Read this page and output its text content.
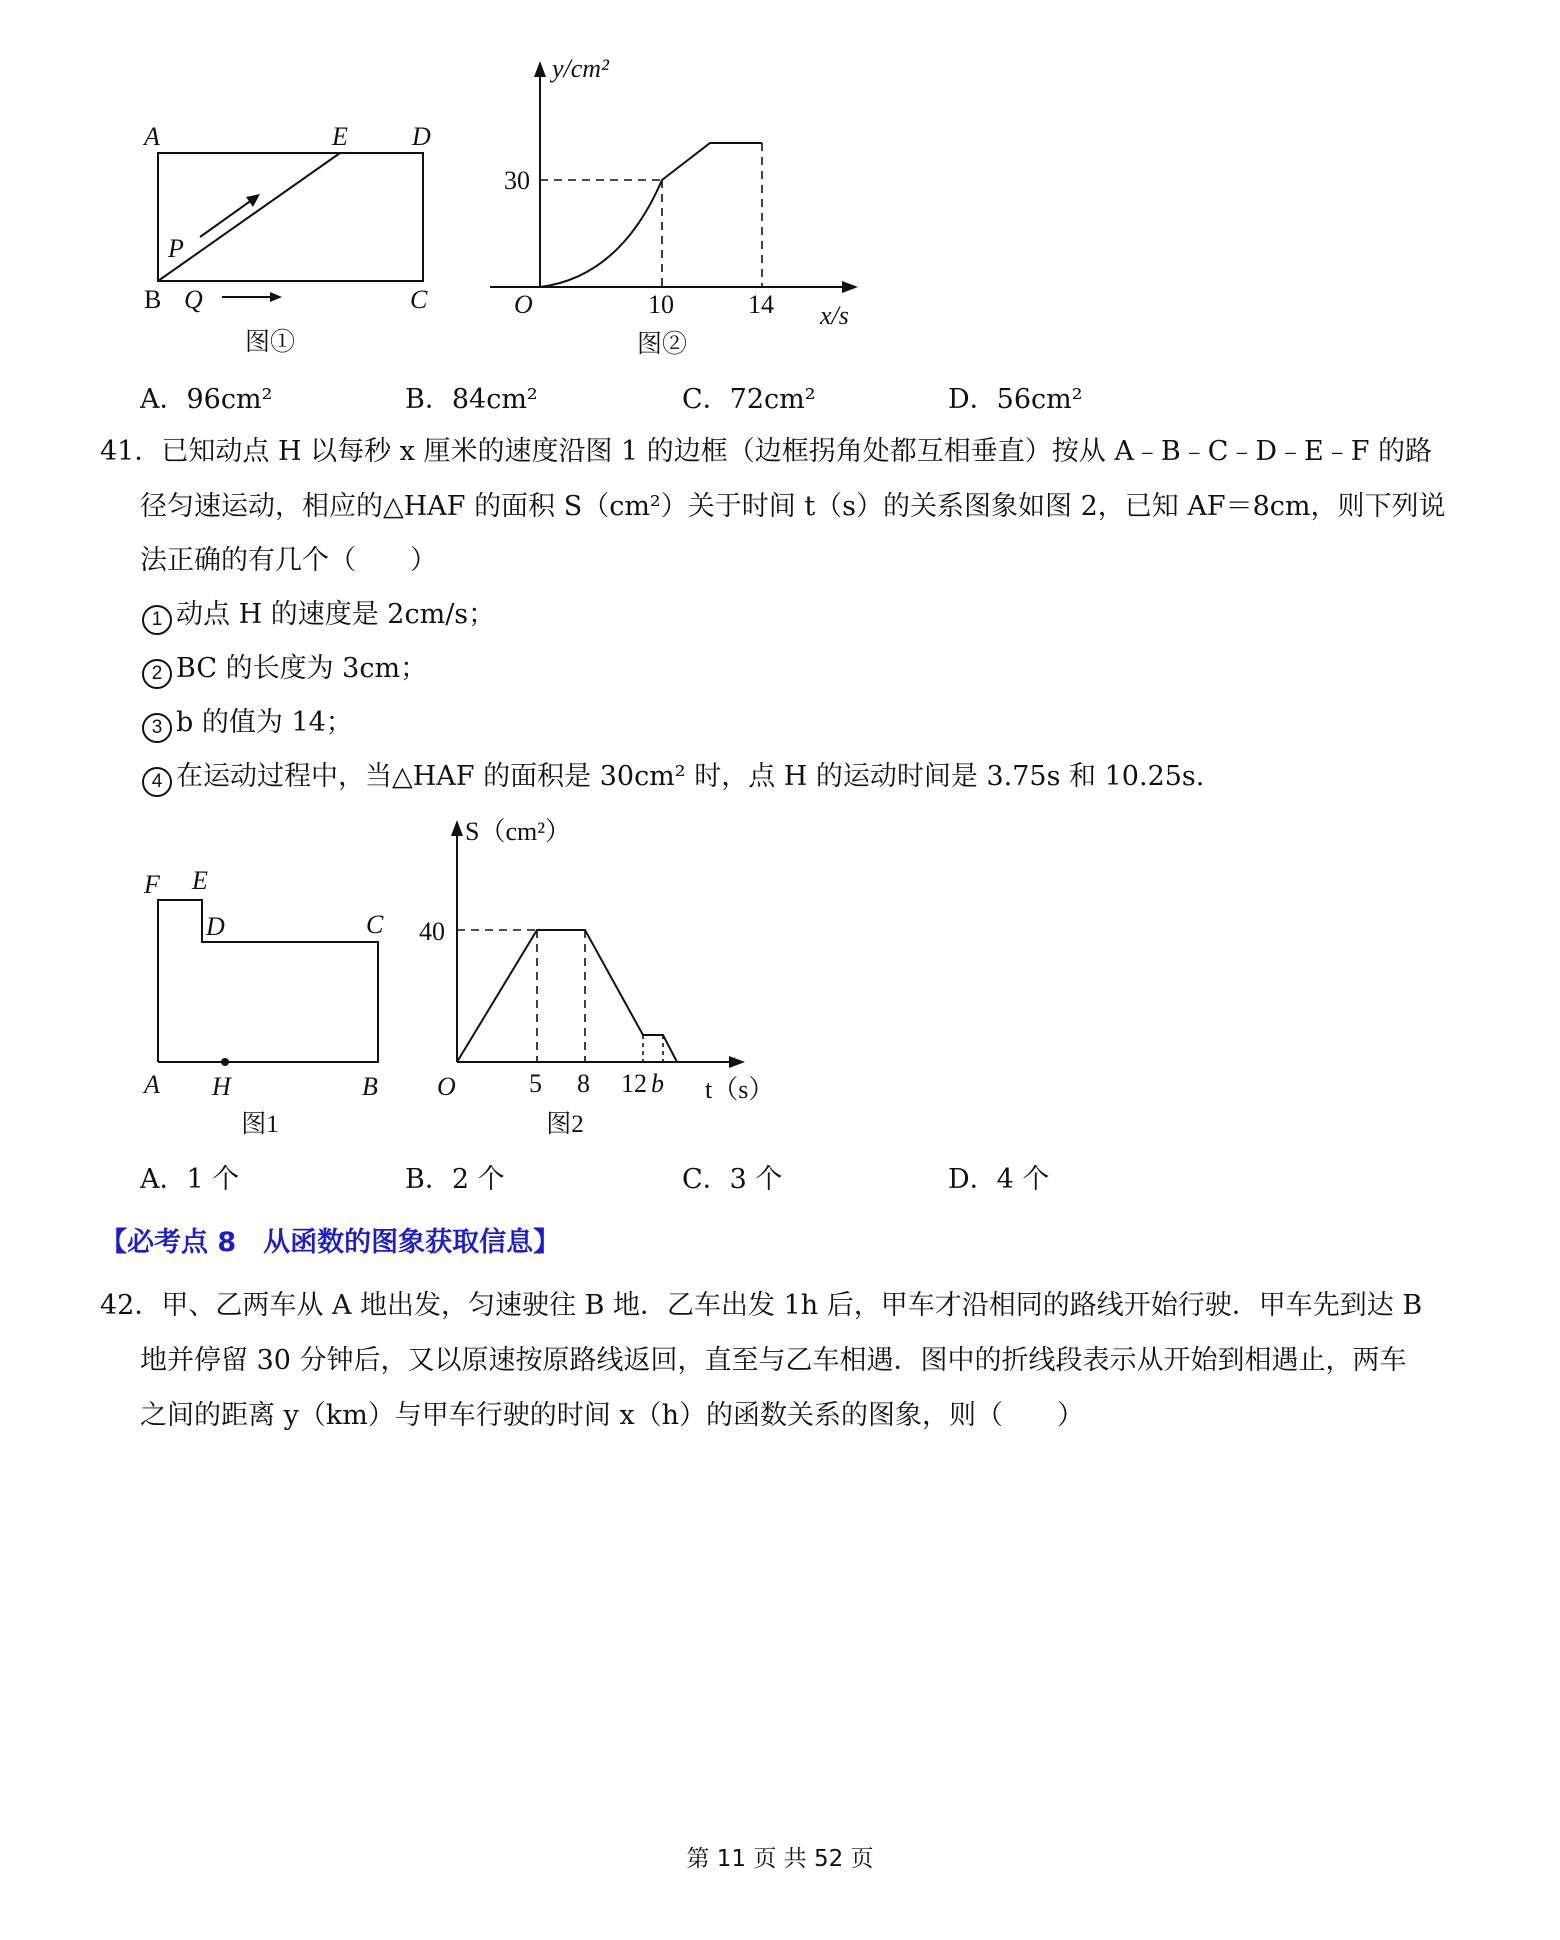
A	E D
P
B Q	C
图①
y/cm²
30
O	10	14 x/s
图②
A．96cm²	B．84cm²	C．72cm²	D．56cm²
41．已知动点 H 以每秒 x 厘米的速度沿图 1 的边框（边框拐角处都互相垂直）按从 A﹣B﹣C﹣D﹣E﹣F 的路
径匀速运动，相应的△HAF 的面积 S（cm²）关于时间 t（s）的关系图象如图 2，已知 AF＝8cm，则下列说
法正确的有几个（　　）
1 动点 H 的速度是 2cm/s；
2 BC 的长度为 3cm；
3 b 的值为 14；
4 在运动过程中，当△HAF 的面积是 30cm² 时，点 H 的运动时间是 3.75s 和 10.25s.
F E
D	C
A H	B
图1
S（cm²）
40
O	5 8 12 b t（s）
图2
A．1 个	B．2 个	C．3 个	D．4 个
【必考点 8　从函数的图象获取信息】
42．甲、乙两车从 A 地出发，匀速驶往 B 地．乙车出发 1h 后，甲车才沿相同的路线开始行驶．甲车先到达 B
地并停留 30 分钟后，又以原速按原路线返回，直至与乙车相遇．图中的折线段表示从开始到相遇止，两车
之间的距离 y（km）与甲车行驶的时间 x（h）的函数关系的图象，则（　　）
第 11 页 共 52 页
